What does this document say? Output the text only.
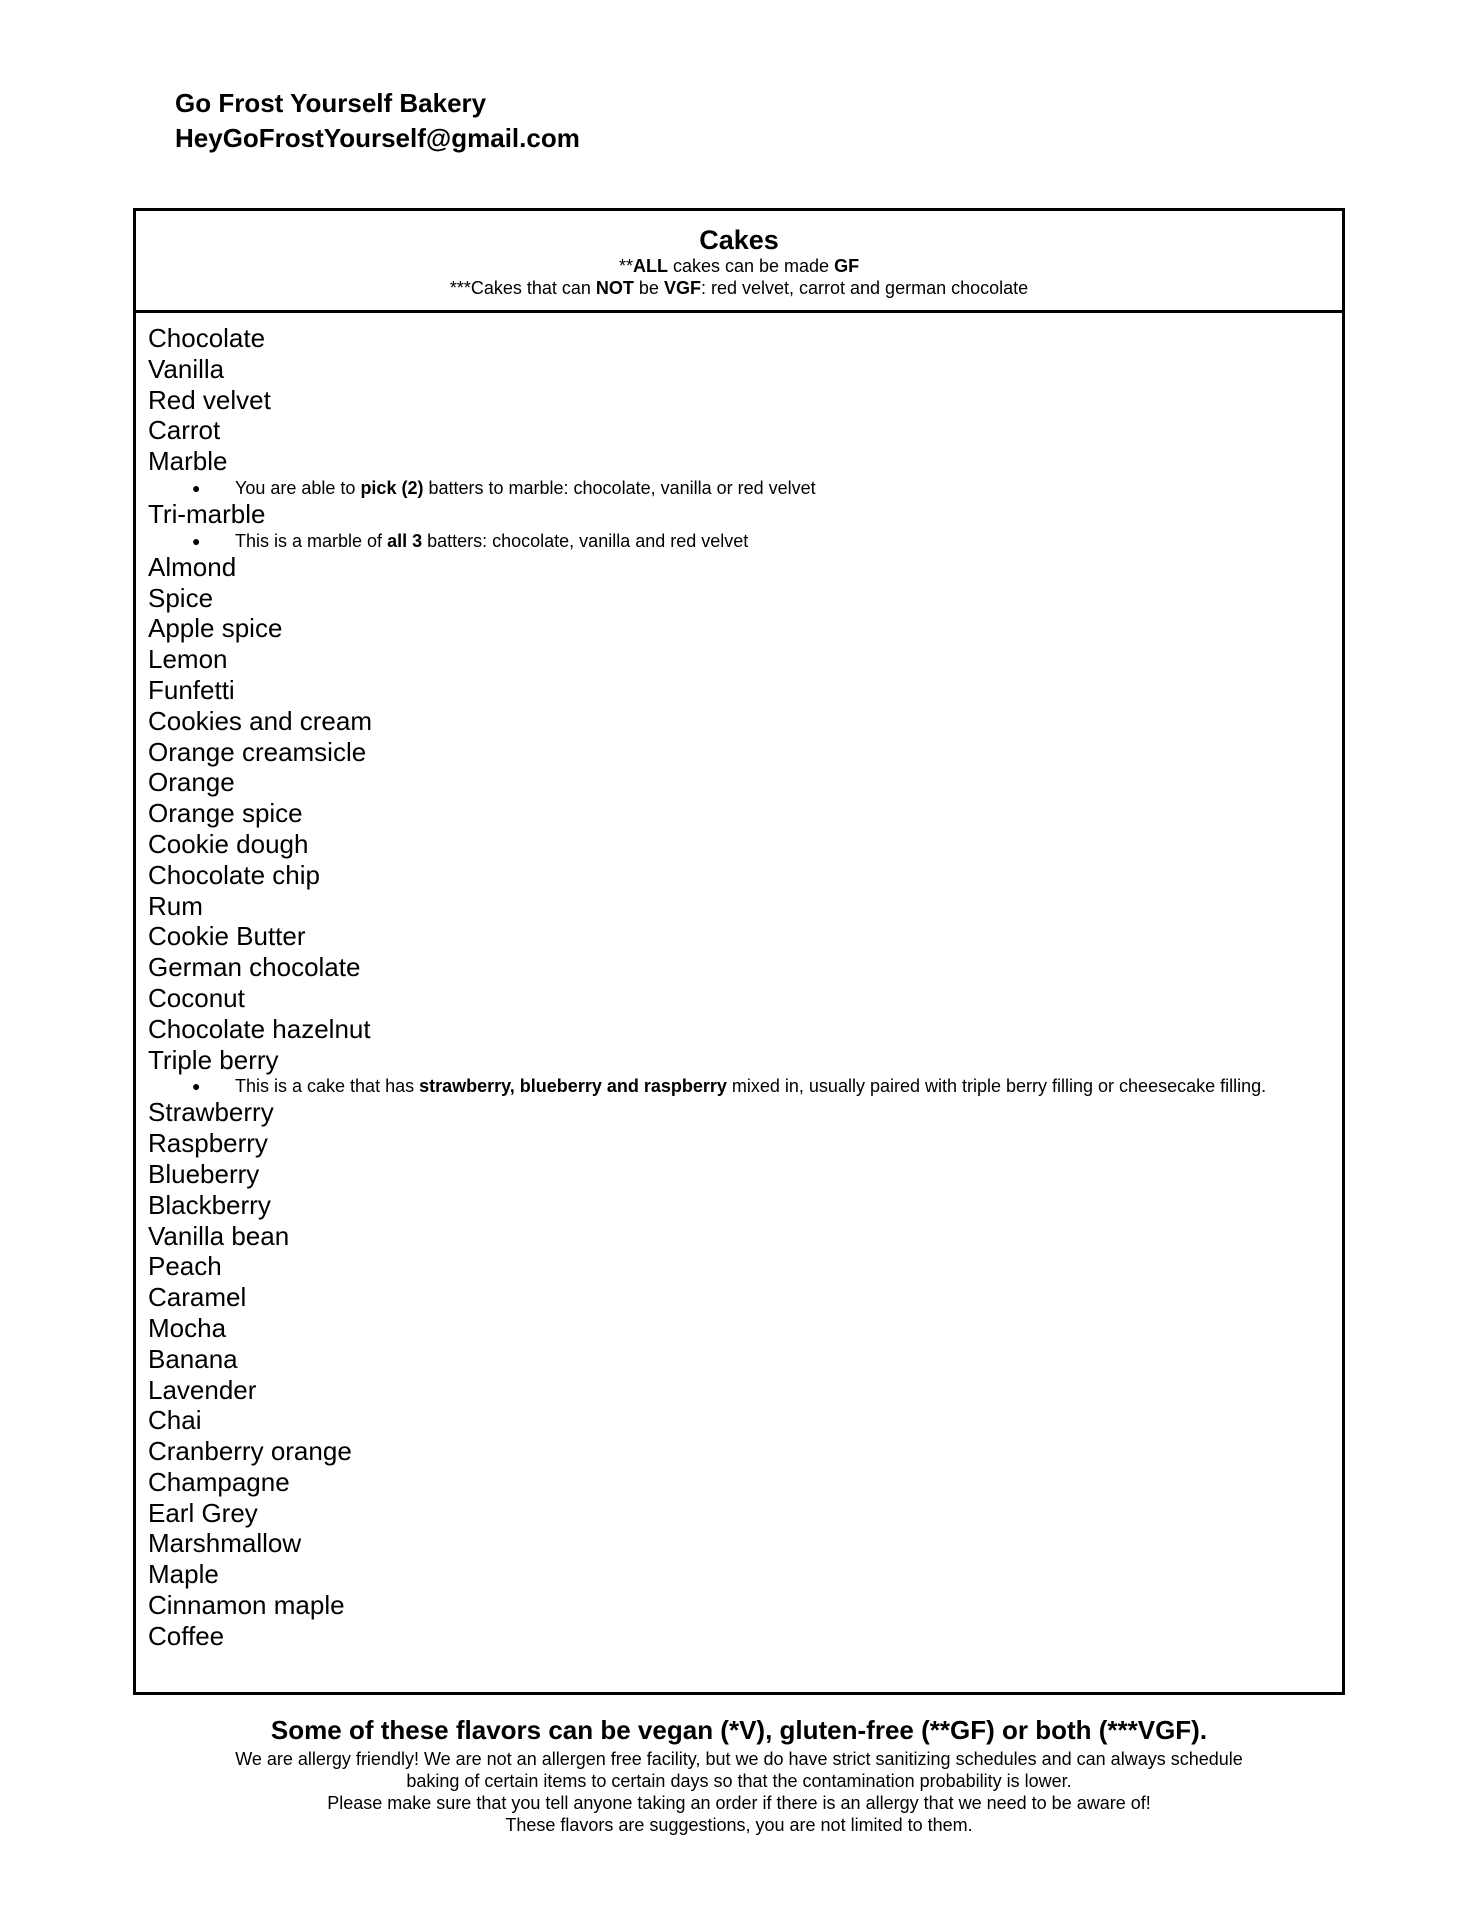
Go Frost Yourself Bakery
HeyGoFrostYourself@gmail.com
Cakes
**ALL cakes can be made GF
***Cakes that can NOT be VGF: red velvet, carrot and german chocolate
Chocolate
Vanilla
Red velvet
Carrot
Marble
● You are able to pick (2) batters to marble: chocolate, vanilla or red velvet
Tri-marble
● This is a marble of all 3 batters: chocolate, vanilla and red velvet
Almond
Spice
Apple spice
Lemon
Funfetti
Cookies and cream
Orange creamsicle
Orange
Orange spice
Cookie dough
Chocolate chip
Rum
Cookie Butter
German chocolate
Coconut
Chocolate hazelnut
Triple berry
● This is a cake that has strawberry, blueberry and raspberry mixed in, usually paired with triple berry filling or cheesecake filling.
Strawberry
Raspberry
Blueberry
Blackberry
Vanilla bean
Peach
Caramel
Mocha
Banana
Lavender
Chai
Cranberry orange
Champagne
Earl Grey
Marshmallow
Maple
Cinnamon maple
Coffee
Some of these flavors can be vegan (*V), gluten-free (**GF) or both (***VGF).
We are allergy friendly! We are not an allergen free facility, but we do have strict sanitizing schedules and can always schedule
baking of certain items to certain days so that the contamination probability is lower.
Please make sure that you tell anyone taking an order if there is an allergy that we need to be aware of!
These flavors are suggestions, you are not limited to them.
